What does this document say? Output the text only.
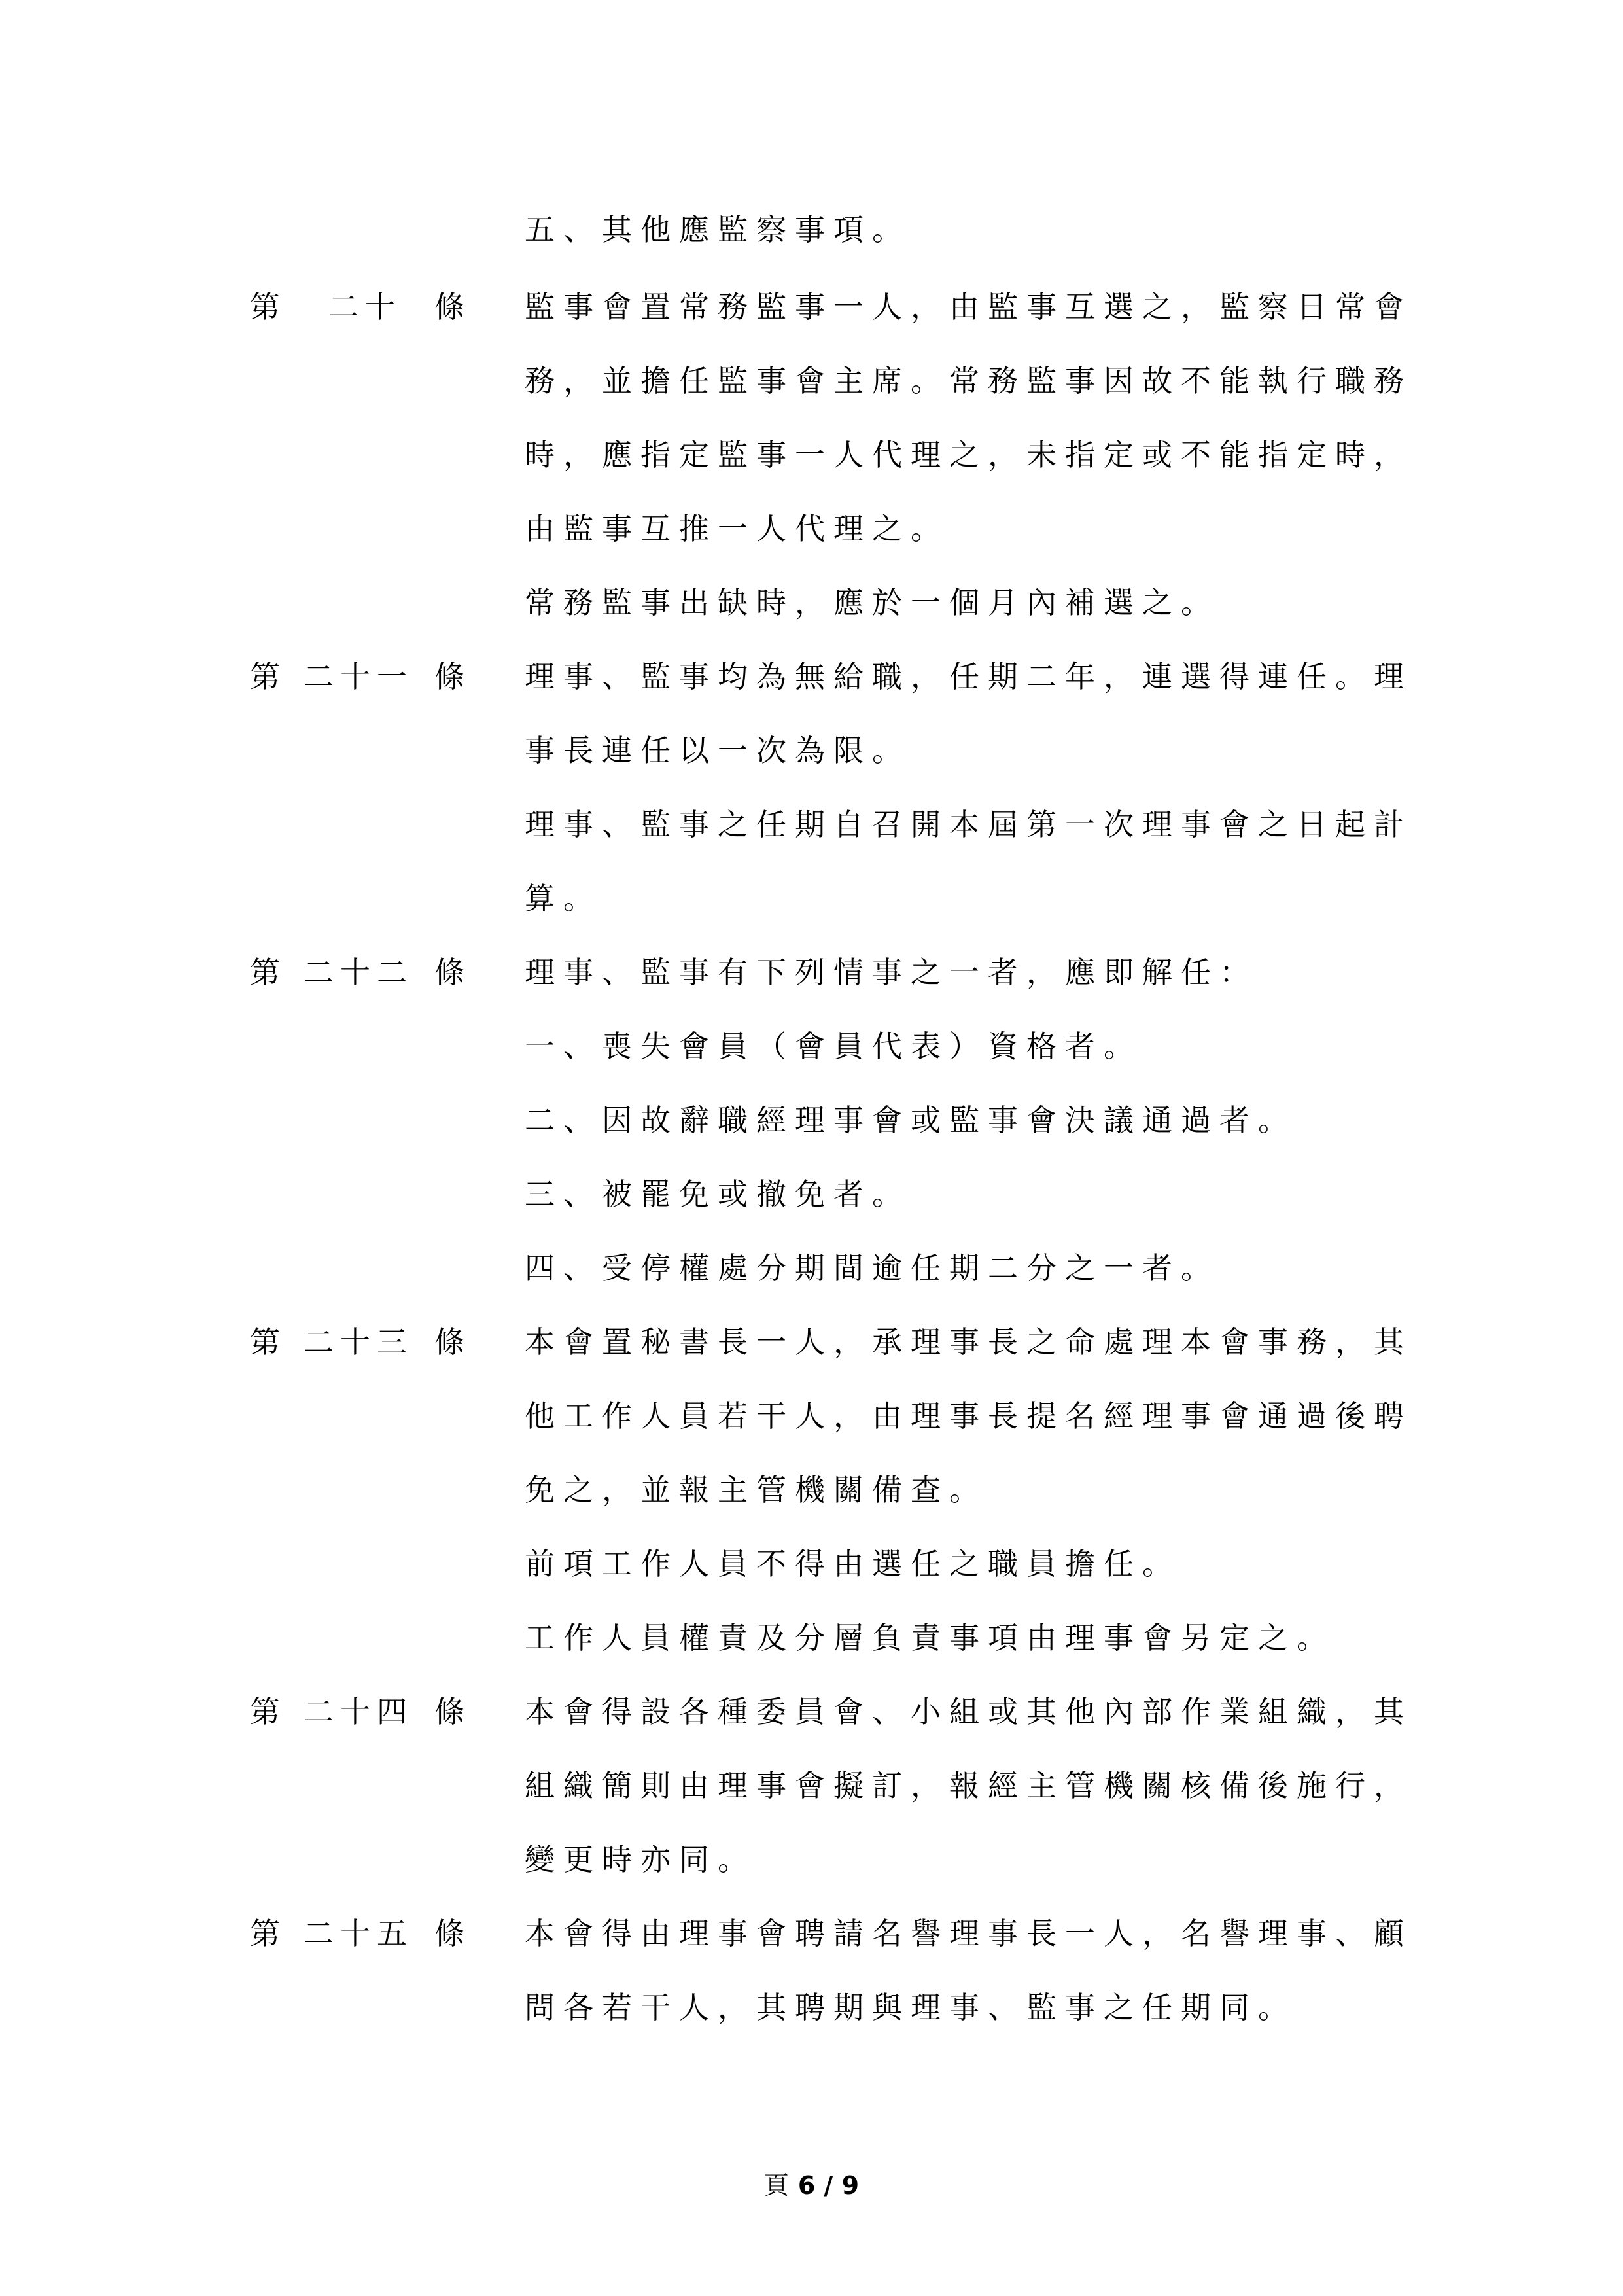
五、其他應監察事項。
第 二十 條 監事會置常務監事一人，由監事互選之，監察日常會
務，並擔任監事會主席。常務監事因故不能執行職務
時，應指定監事一人代理之，未指定或不能指定時，
由監事互推一人代理之。
常務監事出缺時，應於一個月內補選之。
第 二十一 條 理事、監事均為無給職，任期二年，連選得連任。理
事長連任以一次為限。
理事、監事之任期自召開本屆第一次理事會之日起計
算。
第 二十二 條 理事、監事有下列情事之一者，應即解任：
一、喪失會員（會員代表）資格者。
二、因故辭職經理事會或監事會決議通過者。
三、被罷免或撤免者。
四、受停權處分期間逾任期二分之一者。
第 二十三 條 本會置秘書長一人，承理事長之命處理本會事務，其
他工作人員若干人，由理事長提名經理事會通過後聘
免之，並報主管機關備查。
前項工作人員不得由選任之職員擔任。
工作人員權責及分層負責事項由理事會另定之。
第 二十四 條 本會得設各種委員會、小組或其他內部作業組織，其
組織簡則由理事會擬訂，報經主管機關核備後施行，
變更時亦同。
第 二十五 條 本會得由理事會聘請名譽理事長一人，名譽理事、顧
問各若干人，其聘期與理事、監事之任期同。
頁 6 / 9
